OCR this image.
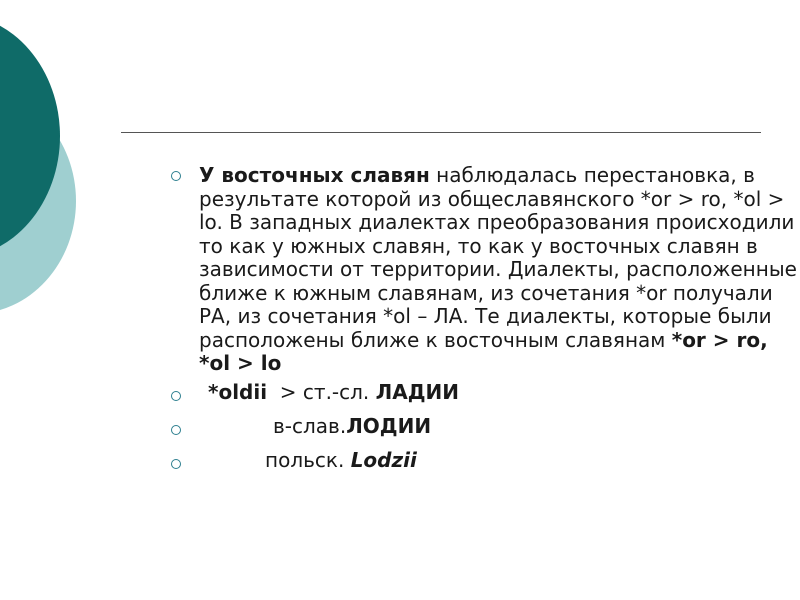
У восточных славян наблюдалась перестановка, в результате которой из общеславянского *or > ro, *ol > lo. В западных диалектах преобразования происходили то как у южных славян, то как у восточных славян в зависимости от территории. Диалекты, расположенные ближе к южным славянам, из сочетания *or получали РА, из сочетания *ol – ЛА. Те диалекты, которые были расположены ближе к восточным славянам *or > ro, *ol > lo
*oldii  > ст.-сл. ЛАДИИ
в-слав.ЛОДИИ
польск. Lodzii
